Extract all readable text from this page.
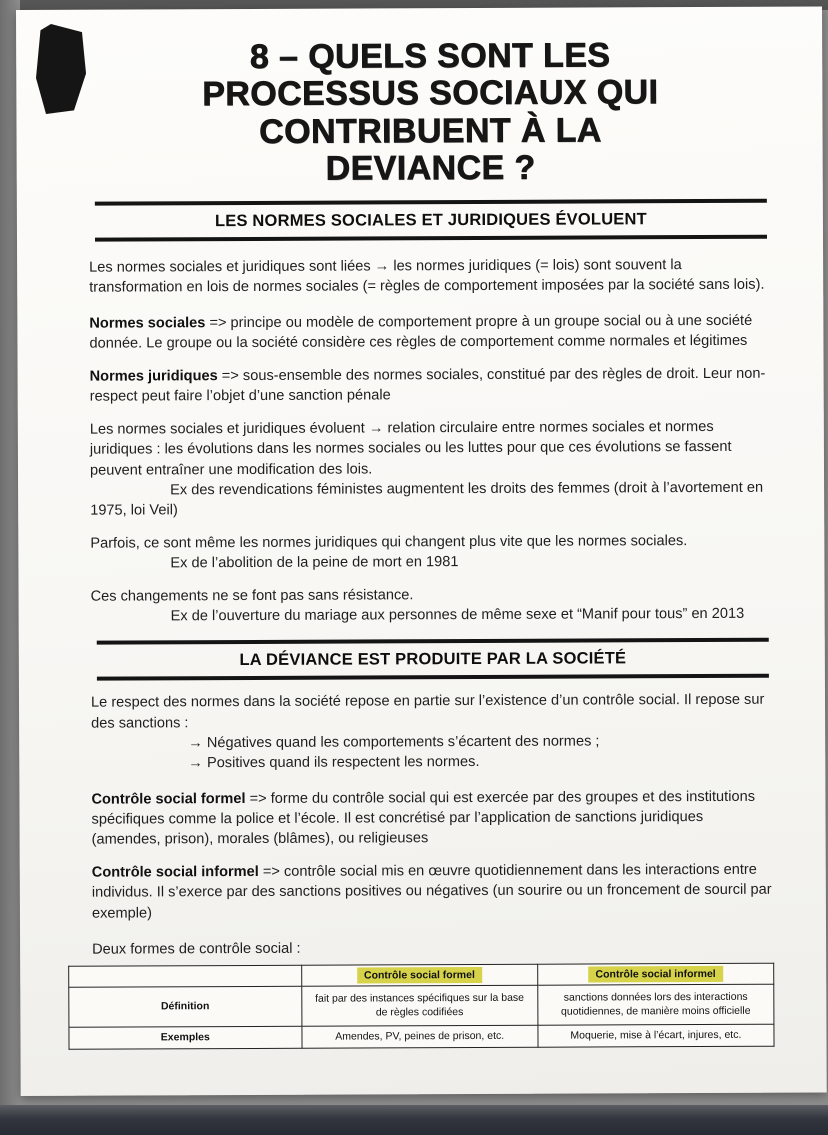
8 – QUELS SONT LES
PROCESSUS SOCIAUX QUI
CONTRIBUENT À LA
DEVIANCE ?
LES NORMES SOCIALES ET JURIDIQUES ÉVOLUENT

Les normes sociales et juridiques sont liées → les normes juridiques (= lois) sont souvent la transformation en lois de normes sociales (= règles de comportement imposées par la société sans lois).

Normes sociales => principe ou modèle de comportement propre à un groupe social ou à une société donnée. Le groupe ou la société considère ces règles de comportement comme normales et légitimes

Normes juridiques => sous-ensemble des normes sociales, constitué par des règles de droit. Leur non-respect peut faire l’objet d’une sanction pénale

Les normes sociales et juridiques évoluent → relation circulaire entre normes sociales et normes juridiques : les évolutions dans les normes sociales ou les luttes pour que ces évolutions se fassent peuvent entraîner une modification des lois.

Ex des revendications féministes augmentent les droits des femmes (droit à l’avortement en 1975, loi Veil)

Parfois, ce sont même les normes juridiques qui changent plus vite que les normes sociales.

Ex de l’abolition de la peine de mort en 1981

Ces changements ne se font pas sans résistance.

Ex de l’ouverture du mariage aux personnes de même sexe et “Manif pour tous” en 2013

LA DÉVIANCE EST PRODUITE PAR LA SOCIÉTÉ

Le respect des normes dans la société repose en partie sur l’existence d’un contrôle social. Il repose sur des sanctions :

→ Négatives quand les comportements s’écartent des normes ;

→ Positives quand ils respectent les normes.

Contrôle social formel => forme du contrôle social qui est exercée par des groupes et des institutions spécifiques comme la police et l’école. Il est concrétisé par l’application de sanctions juridiques (amendes, prison), morales (blâmes), ou religieuses

Contrôle social informel => contrôle social mis en œuvre quotidiennement dans les interactions entre individus. Il s’exerce par des sanctions positives ou négatives (un sourire ou un froncement de sourcil par exemple)

Deux formes de contrôle social :

	Contrôle social formel	Contrôle social informel
Définition	fait par des instances spécifiques sur la base de règles codifiées	sanctions données lors des interactions quotidiennes, de manière moins officielle
Exemples	Amendes, PV, peines de prison, etc.	Moquerie, mise à l’écart, injures, etc.
